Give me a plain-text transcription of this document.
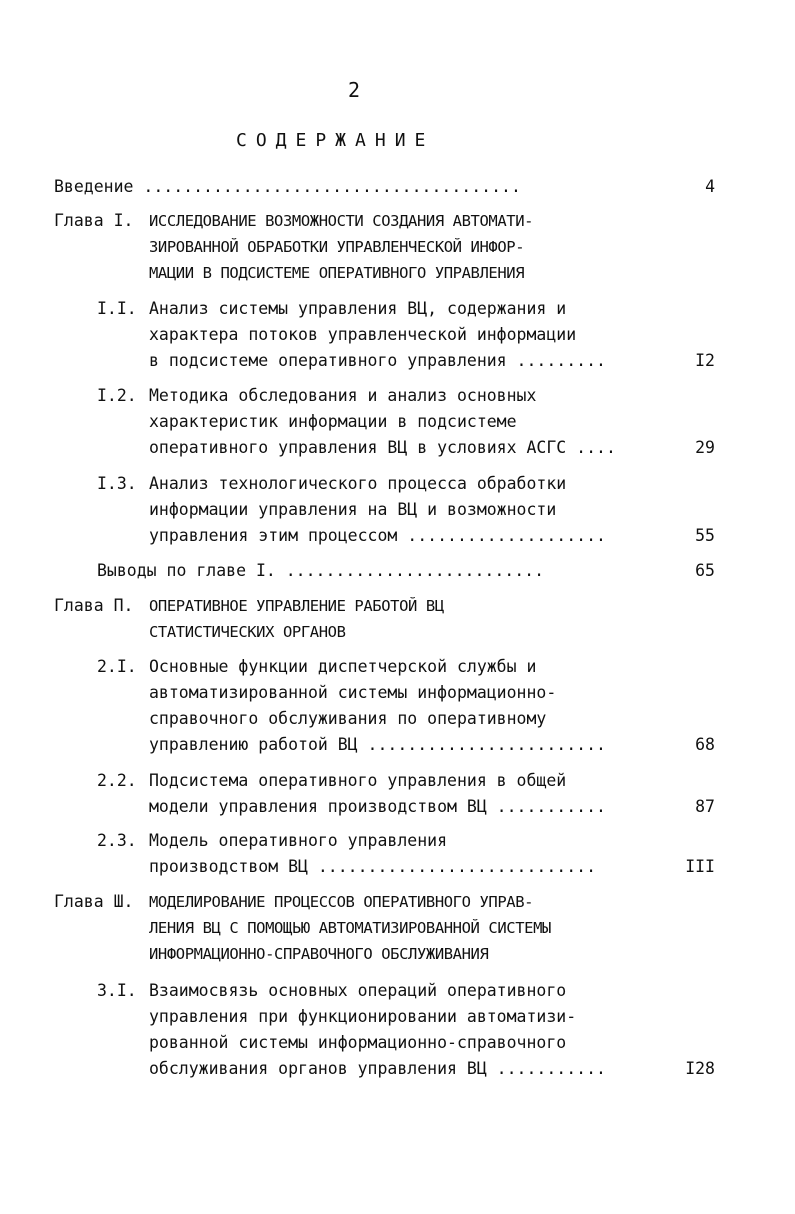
2
СОДЕРЖАНИЕ
Введение ......................................	4
Глава I. ИССЛЕДОВАНИЕ ВОЗМОЖНОСТИ СОЗДАНИЯ АВТОМАТИ-
ЗИРОВАННОЙ ОБРАБОТКИ УПРАВЛЕНЧЕСКОЙ ИНФОР-
МАЦИИ В ПОДСИСТЕМЕ ОПЕРАТИВНОГО УПРАВЛЕНИЯ
I.I. Анализ системы управления ВЦ, содержания и
характера потоков управленческой информации
в подсистеме оперативного управления .........	I2
I.2. Методика обследования и анализ основных
характеристик информации в подсистеме
оперативного управления ВЦ в условиях АСГС ....	29
I.3. Анализ технологического процесса обработки
информации управления на ВЦ и возможности
управления этим процессом ....................	55
Выводы по главе I. ..........................	65
Глава П. ОПЕРАТИВНОЕ УПРАВЛЕНИЕ РАБОТОЙ ВЦ
СТАТИСТИЧЕСКИХ ОРГАНОВ
2.I. Основные функции диспетчерской службы и
автоматизированной системы информационно-
справочного обслуживания по оперативному
управлению работой ВЦ ........................	68
2.2. Подсистема оперативного управления в общей
модели управления производством ВЦ ...........	87
2.3. Модель оперативного управления
производством ВЦ ............................	III
Глава Ш. МОДЕЛИРОВАНИЕ ПРОЦЕССОВ ОПЕРАТИВНОГО УПРАВ-
ЛЕНИЯ ВЦ С ПОМОЩЬЮ АВТОМАТИЗИРОВАННОЙ СИСТЕМЫ
ИНФОРМАЦИОННО-СПРАВОЧНОГО ОБСЛУЖИВАНИЯ
3.I. Взаимосвязь основных операций оперативного
управления при функционировании автоматизи-
рованной системы информационно-справочного
обслуживания органов управления ВЦ ...........	I28
